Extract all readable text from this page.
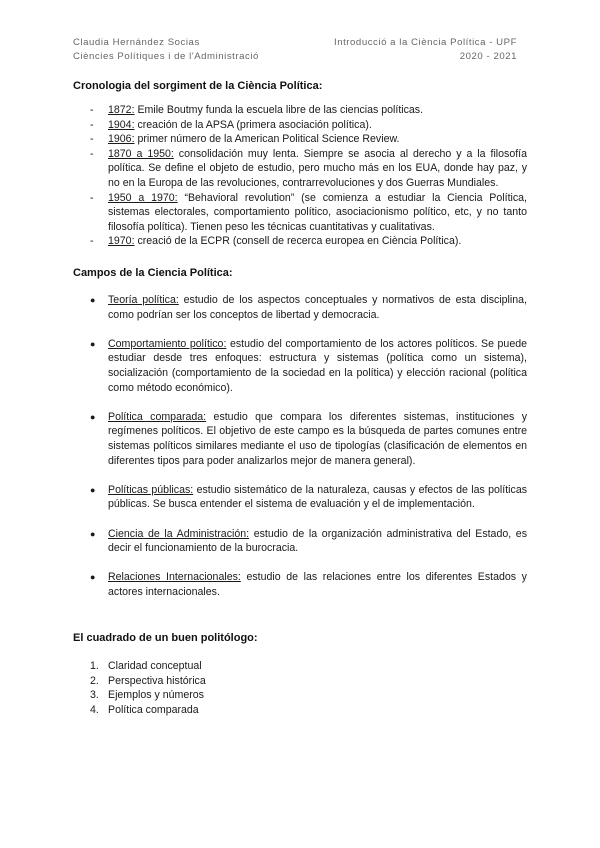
Claudia Hernández Socias
Ciències Polítiques i de l'Administració
Introducció a la Ciència Política - UPF
2020 - 2021
Cronologia del sorgiment de la Ciència Política:
- 1872: Emile Boutmy funda la escuela libre de las ciencias políticas.
- 1904: creación de la APSA (primera asociación política).
- 1906: primer número de la American Political Science Review.
- 1870 a 1950: consolidación muy lenta. Siempre se asocia al derecho y a la filosofía política. Se define el objeto de estudio, pero mucho más en los EUA, donde hay paz, y no en la Europa de las revoluciones, contrarrevoluciones y dos Guerras Mundiales.
- 1950 a 1970: “Behavioral revolution” (se comienza a estudiar la Ciencia Política, sistemas electorales, comportamiento político, asociacionismo político, etc, y no tanto filosofía política). Tienen peso les técnicas cuantitativas y cualitativas.
- 1970: creació de la ECPR (consell de recerca europea en Ciència Política).
Campos de la Ciencia Política:
● Teoría política: estudio de los aspectos conceptuales y normativos de esta disciplina, como podrían ser los conceptos de libertad y democracia.
● Comportamiento político: estudio del comportamiento de los actores políticos. Se puede estudiar desde tres enfoques: estructura y sistemas (política como un sistema), socialización (comportamiento de la sociedad en la política) y elección racional (política como método económico).
● Política comparada: estudio que compara los diferentes sistemas, instituciones y regímenes políticos. El objetivo de este campo es la búsqueda de partes comunes entre sistemas políticos similares mediante el uso de tipologías (clasificación de elementos en diferentes tipos para poder analizarlos mejor de manera general).
● Políticas públicas: estudio sistemático de la naturaleza, causas y efectos de las políticas públicas. Se busca entender el sistema de evaluación y el de implementación.
● Ciencia de la Administración: estudio de la organización administrativa del Estado, es decir el funcionamiento de la burocracia.
● Relaciones Internacionales: estudio de las relaciones entre los diferentes Estados y actores internacionales.
El cuadrado de un buen politólogo:
1. Claridad conceptual
2. Perspectiva histórica
3. Ejemplos y números
4. Política comparada
